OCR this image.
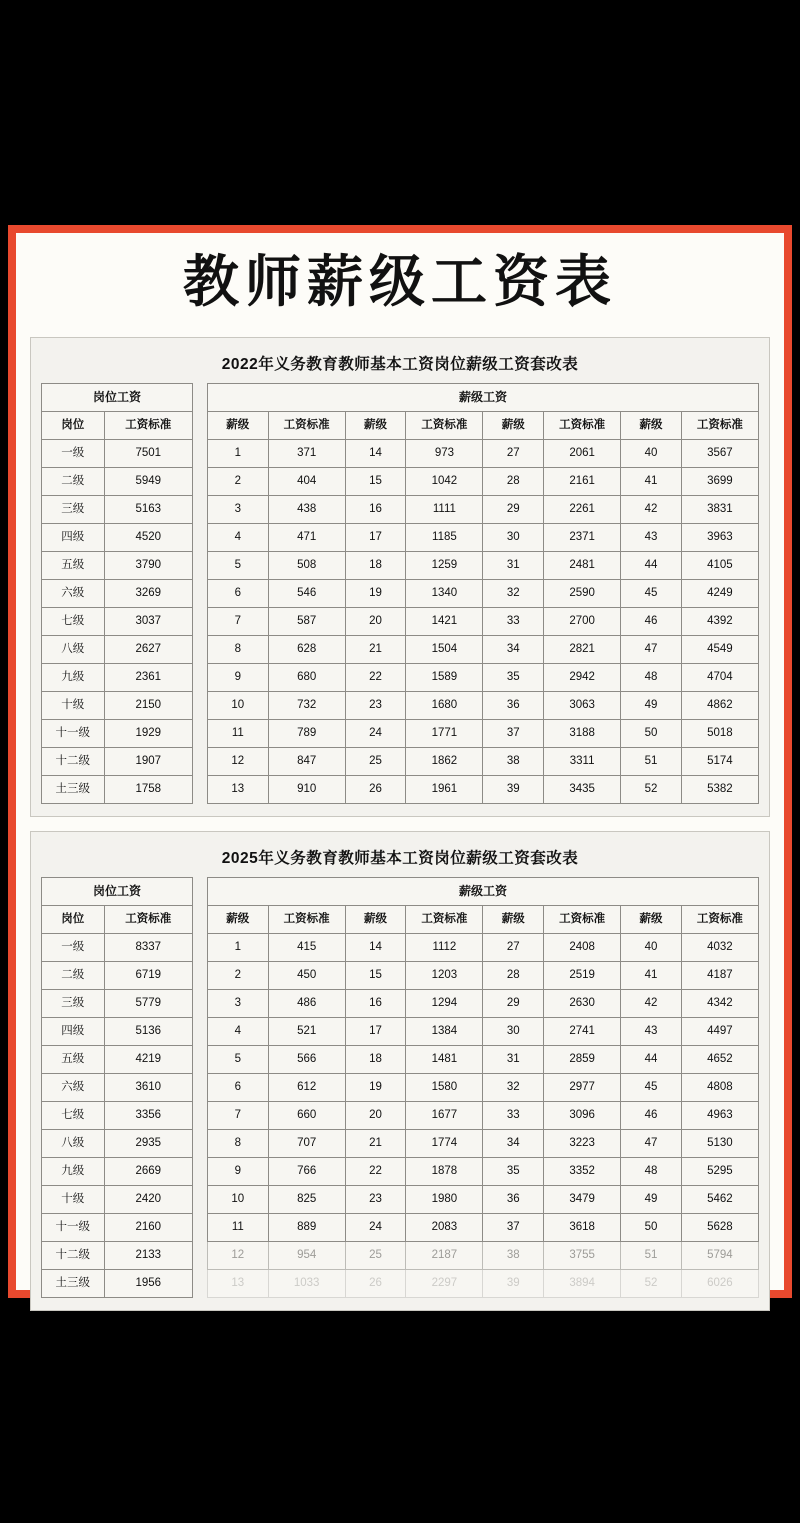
教师薪级工资表
2022年义务教育教师基本工资岗位薪级工资套改表
岗位工资	
岗位	工资标准
一级	7501
二级	5949
三级	5163
四级	4520
五级	3790
六级	3269
七级	3037
八级	2627
九级	2361
十级	2150
十一级	1929
十二级	1907
土三级	1758
薪级工资							
薪级	工资标准	薪级	工资标准	薪级	工资标准	薪级	工资标准
1	371	14	973	27	2061	40	3567
2	404	15	1042	28	2161	41	3699
3	438	16	1111	29	2261	42	3831
4	471	17	1185	30	2371	43	3963
5	508	18	1259	31	2481	44	4105
6	546	19	1340	32	2590	45	4249
7	587	20	1421	33	2700	46	4392
8	628	21	1504	34	2821	47	4549
9	680	22	1589	35	2942	48	4704
10	732	23	1680	36	3063	49	4862
11	789	24	1771	37	3188	50	5018
12	847	25	1862	38	3311	51	5174
13	910	26	1961	39	3435	52	5382
2025年义务教育教师基本工资岗位薪级工资套改表
岗位工资	
岗位	工资标准
一级	8337
二级	6719
三级	5779
四级	5136
五级	4219
六级	3610
七级	3356
八级	2935
九级	2669
十级	2420
十一级	2160
十二级	2133
土三级	1956
薪级工资							
薪级	工资标准	薪级	工资标准	薪级	工资标准	薪级	工资标准
1	415	14	1112	27	2408	40	4032
2	450	15	1203	28	2519	41	4187
3	486	16	1294	29	2630	42	4342
4	521	17	1384	30	2741	43	4497
5	566	18	1481	31	2859	44	4652
6	612	19	1580	32	2977	45	4808
7	660	20	1677	33	3096	46	4963
8	707	21	1774	34	3223	47	5130
9	766	22	1878	35	3352	48	5295
10	825	23	1980	36	3479	49	5462
11	889	24	2083	37	3618	50	5628
12	954	25	2187	38	3755	51	5794
13	1033	26	2297	39	3894	52	6026
